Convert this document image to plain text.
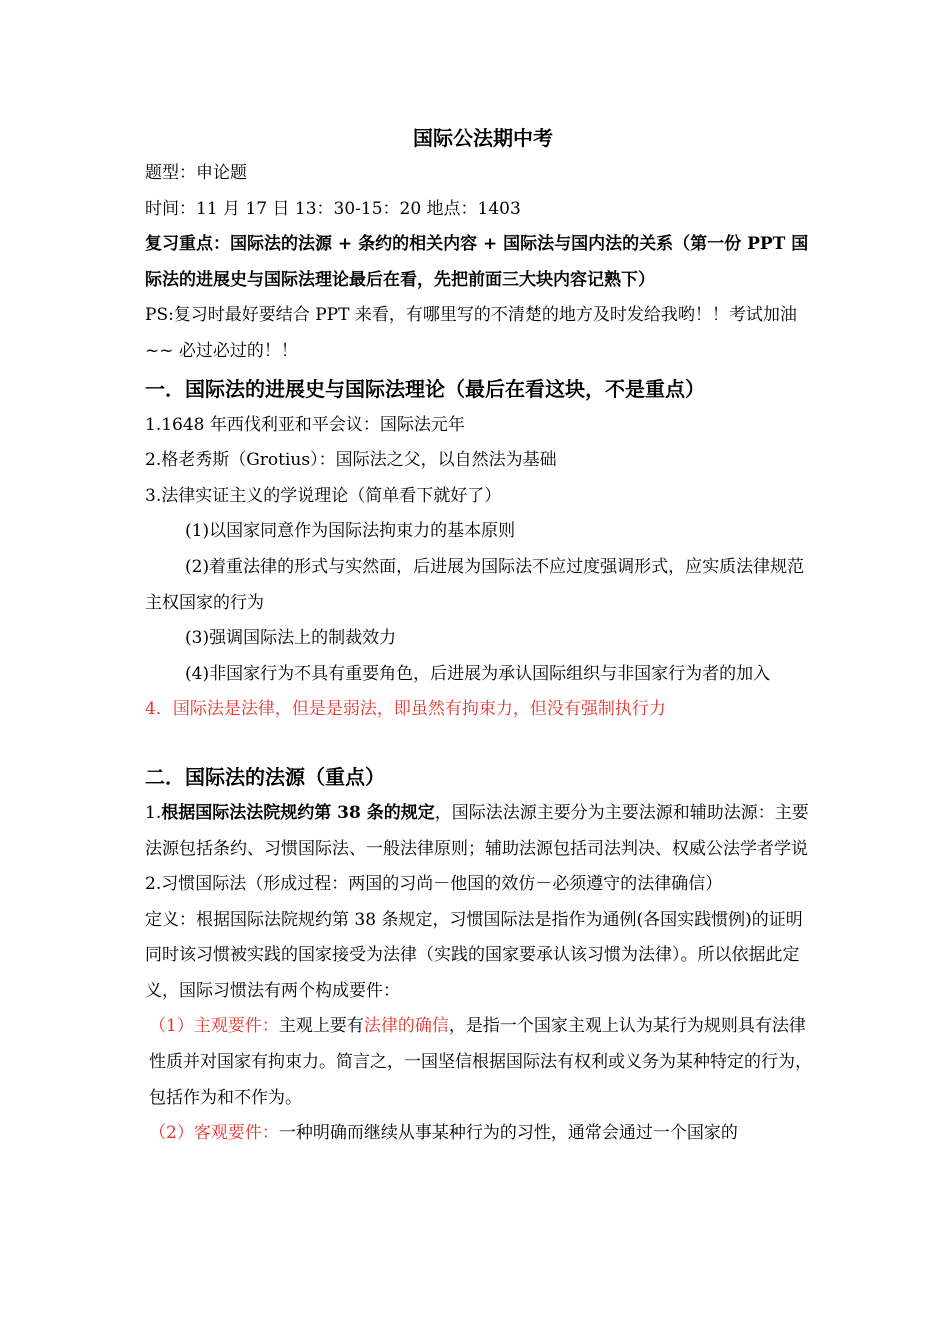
国际公法期中考

题型：申论题

时间：11 月 17 日 13：30-15：20 地点：1403

复习重点：国际法的法源 + 条约的相关内容 + 国际法与国内法的关系（第一份 PPT 国际法的进展史与国际法理论最后在看，先把前面三大块内容记熟下）

PS:复习时最好要结合 PPT 来看，有哪里写的不清楚的地方及时发给我哟！！考试加油~~ 必过必过的！！

一．国际法的进展史与国际法理论（最后在看这块，不是重点）

1.1648 年西伐利亚和平会议：国际法元年

2.格老秀斯（Grotius）：国际法之父，以自然法为基础

3.法律实证主义的学说理论（简单看下就好了）

(1)以国家同意作为国际法拘束力的基本原则

(2)着重法律的形式与实然面，后进展为国际法不应过度强调形式，应实质法律规范主权国家的行为

(3)强调国际法上的制裁效力

(4)非国家行为不具有重要角色，后进展为承认国际组织与非国家行为者的加入

4．国际法是法律，但是是弱法，即虽然有拘束力，但没有强制执行力

二．国际法的法源（重点）

1.根据国际法法院规约第 38 条的规定，国际法法源主要分为主要法源和辅助法源：主要法源包括条约、习惯国际法、一般法律原则；辅助法源包括司法判决、权威公法学者学说

2.习惯国际法（形成过程：两国的习尚－他国的效仿－必须遵守的法律确信）

定义：根据国际法院规约第 38 条规定，习惯国际法是指作为通例(各国实践惯例)的证明同时该习惯被实践的国家接受为法律（实践的国家要承认该习惯为法律）。所以依据此定义，国际习惯法有两个构成要件：

（1）主观要件：主观上要有法律的确信，是指一个国家主观上认为某行为规则具有法律性质并对国家有拘束力。简言之，一国坚信根据国际法有权利或义务为某种特定的行为，包括作为和不作为。

（2）客观要件：一种明确而继续从事某种行为的习性，通常会通过一个国家的
